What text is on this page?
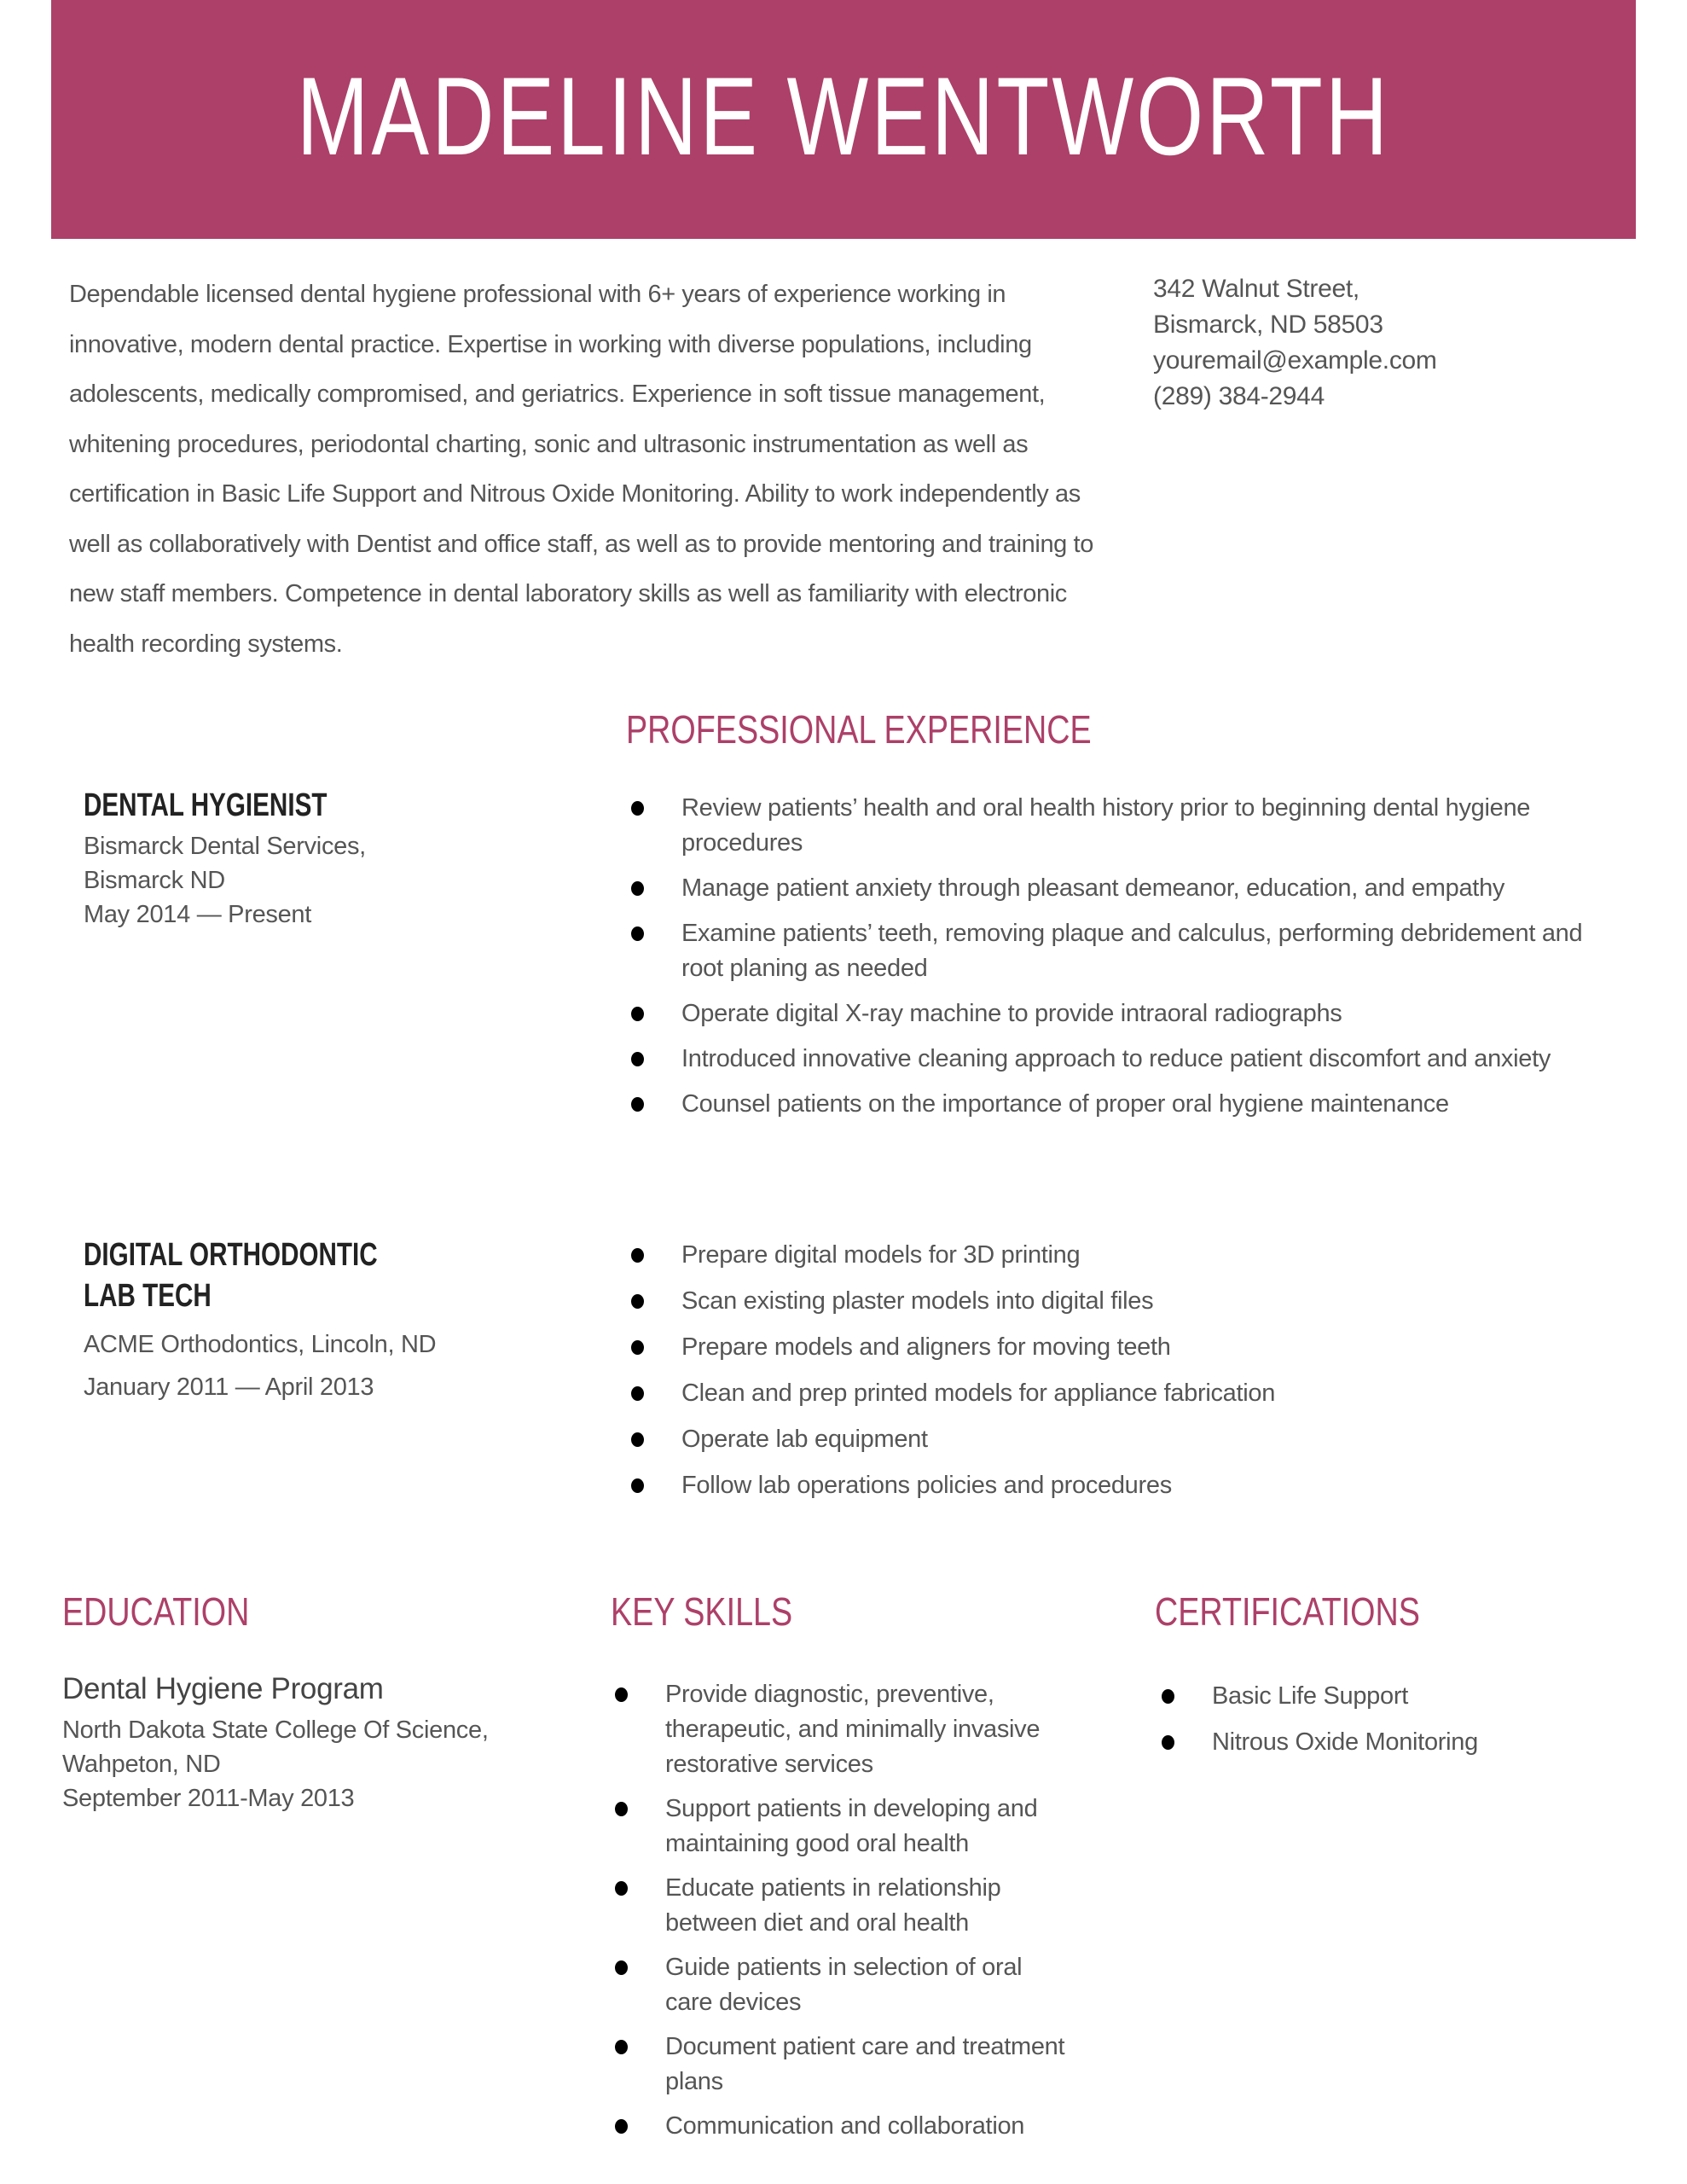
MADELINE WENTWORTH

Dependable licensed dental hygiene professional with 6+ years of experience working in innovative, modern dental practice. Expertise in working with diverse populations, including adolescents, medically compromised, and geriatrics. Experience in soft tissue management, whitening procedures, periodontal charting, sonic and ultrasonic instrumentation as well as certification in Basic Life Support and Nitrous Oxide Monitoring. Ability to work independently as well as collaboratively with Dentist and office staff, as well as to provide mentoring and training to new staff members. Competence in dental laboratory skills as well as familiarity with electronic health recording systems.

342 Walnut Street,
Bismarck, ND 58503
youremail@example.com
(289) 384-2944
PROFESSIONAL EXPERIENCE
DENTAL HYGIENIST
Bismarck Dental Services,
Bismarck ND
May 2014 — Present
Review patients’ health and oral health history prior to beginning dental hygiene procedures
Manage patient anxiety through pleasant demeanor, education, and empathy
Examine patients’ teeth, removing plaque and calculus, performing debridement and root planing as needed
Operate digital X-ray machine to provide intraoral radiographs
Introduced innovative cleaning approach to reduce patient discomfort and anxiety
Counsel patients on the importance of proper oral hygiene maintenance
DIGITAL ORTHODONTIC
LAB TECH
ACME Orthodontics, Lincoln, ND
January 2011 — April 2013
Prepare digital models for 3D printing
Scan existing plaster models into digital files
Prepare models and aligners for moving teeth
Clean and prep printed models for appliance fabrication
Operate lab equipment
Follow lab operations policies and procedures
EDUCATION
Dental Hygiene Program
North Dakota State College Of Science,
Wahpeton, ND
September 2011-May 2013
KEY SKILLS
Provide diagnostic, preventive, therapeutic, and minimally invasive restorative services
Support patients in developing and maintaining good oral health
Educate patients in relationship between diet and oral health
Guide patients in selection of oral care devices
Document patient care and treatment plans
Communication and collaboration
CERTIFICATIONS
Basic Life Support
Nitrous Oxide Monitoring
